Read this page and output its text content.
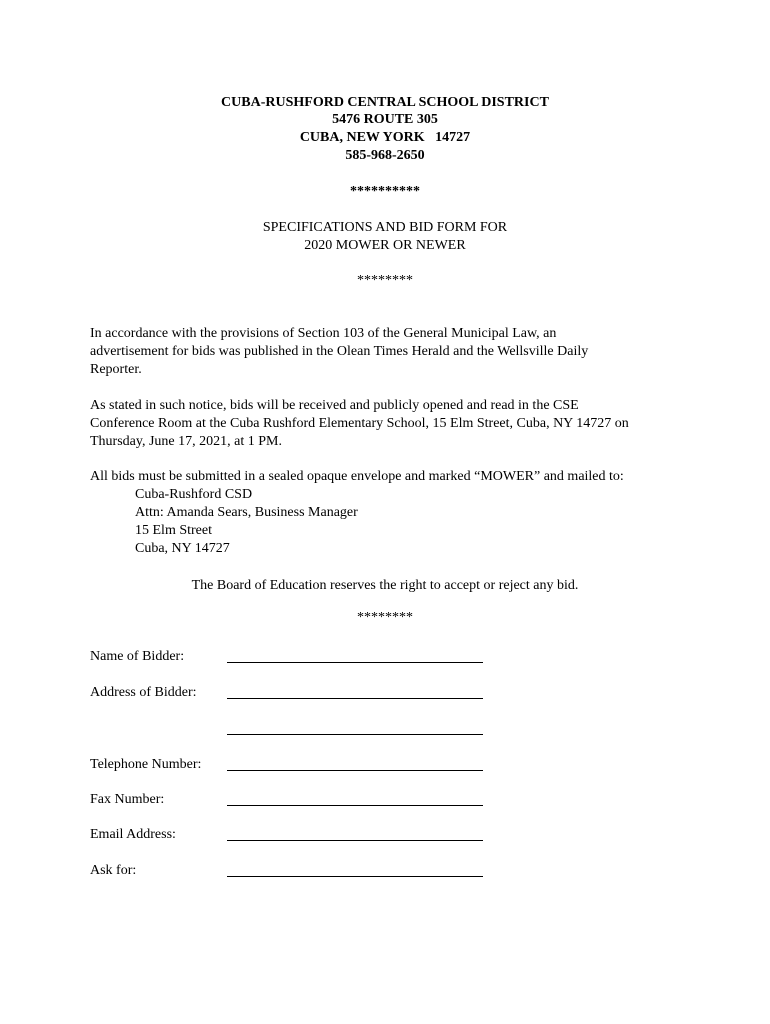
CUBA-RUSHFORD CENTRAL SCHOOL DISTRICT
5476 ROUTE 305
CUBA, NEW YORK   14727
585-968-2650
**********
SPECIFICATIONS AND BID FORM FOR
2020 MOWER OR NEWER
********
In accordance with the provisions of Section 103 of the General Municipal Law, an
advertisement for bids was published in the Olean Times Herald and the Wellsville Daily
Reporter.
As stated in such notice, bids will be received and publicly opened and read in the CSE
Conference Room at the Cuba Rushford Elementary School, 15 Elm Street, Cuba, NY 14727 on
Thursday, June 17, 2021, at 1 PM.
All bids must be submitted in a sealed opaque envelope and marked “MOWER” and mailed to:
Cuba-Rushford CSD
Attn: Amanda Sears, Business Manager
15 Elm Street
Cuba, NY 14727
The Board of Education reserves the right to accept or reject any bid.
********
Name of Bidder:
Address of Bidder:
Telephone Number:
Fax Number:
Email Address:
Ask for:
